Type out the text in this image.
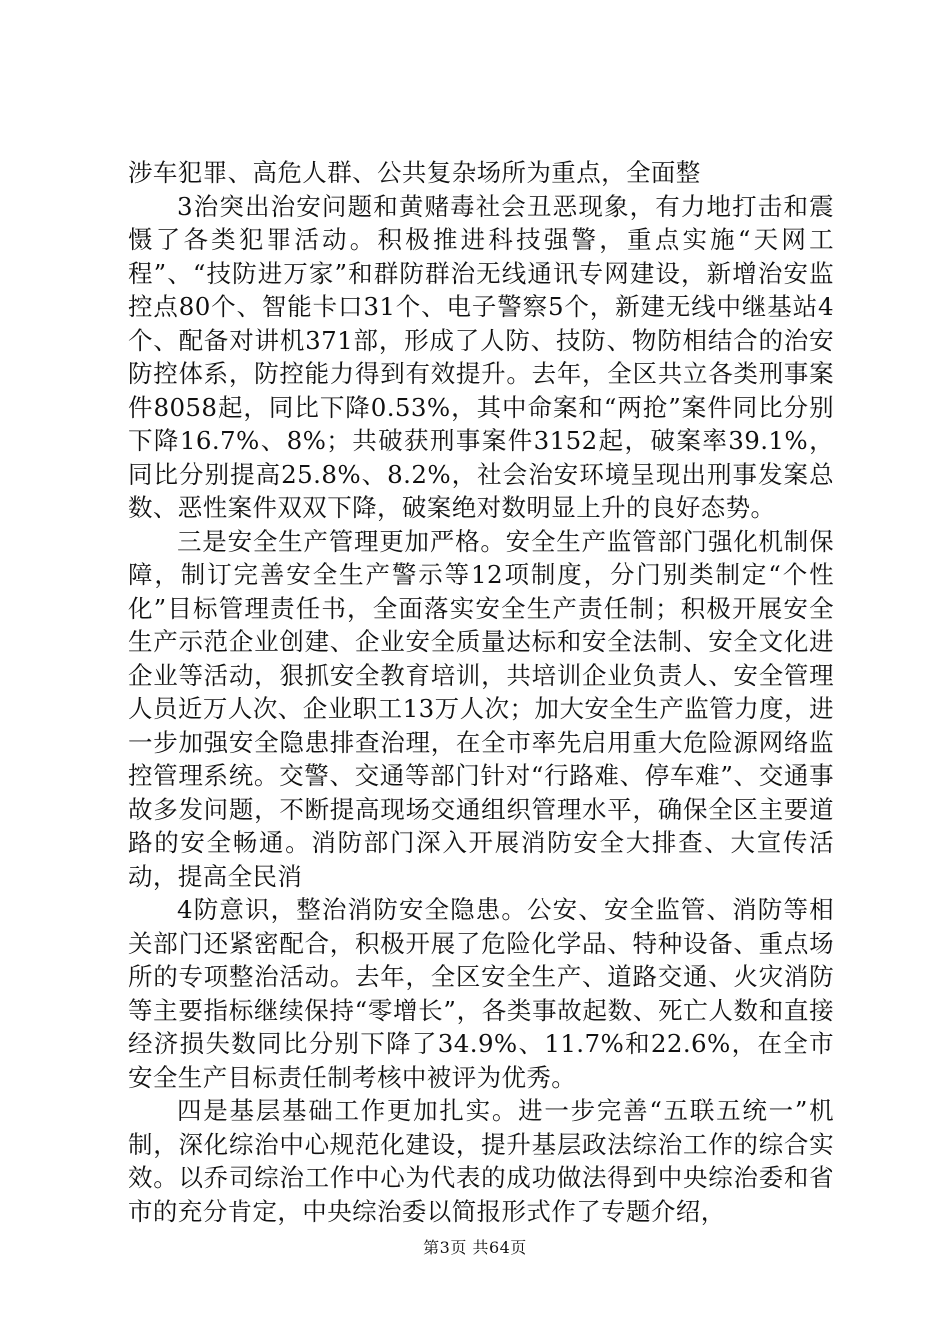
涉车犯罪、高危人群、公共复杂场所为重点，全面整

3治突出治安问题和黄赌毒社会丑恶现象，有力地打击和震慑了各类犯罪活动。积极推进科技强警，重点实施“天网工程”、“技防进万家”和群防群治无线通讯专网建设，新增治安监控点80个、智能卡口31个、电子警察5个，新建无线中继基站4个、配备对讲机371部，形成了人防、技防、物防相结合的治安防控体系，防控能力得到有效提升。去年，全区共立各类刑事案件8058起，同比下降0.53%，其中命案和“两抢”案件同比分别下降16.7%、8%；共破获刑事案件3152起，破案率39.1%，同比分别提高25.8%、8.2%，社会治安环境呈现出刑事发案总数、恶性案件双双下降，破案绝对数明显上升的良好态势。

三是安全生产管理更加严格。安全生产监管部门强化机制保障，制订完善安全生产警示等12项制度，分门别类制定“个性化”目标管理责任书，全面落实安全生产责任制；积极开展安全生产示范企业创建、企业安全质量达标和安全法制、安全文化进企业等活动，狠抓安全教育培训，共培训企业负责人、安全管理人员近万人次、企业职工13万人次；加大安全生产监管力度，进一步加强安全隐患排查治理，在全市率先启用重大危险源网络监控管理系统。交警、交通等部门针对“行路难、停车难”、交通事故多发问题，不断提高现场交通组织管理水平，确保全区主要道路的安全畅通。消防部门深入开展消防安全大排查、大宣传活动，提高全民消

4防意识，整治消防安全隐患。公安、安全监管、消防等相关部门还紧密配合，积极开展了危险化学品、特种设备、重点场所的专项整治活动。去年，全区安全生产、道路交通、火灾消防等主要指标继续保持“零增长”，各类事故起数、死亡人数和直接经济损失数同比分别下降了34.9%、11.7%和22.6%，在全市安全生产目标责任制考核中被评为优秀。

四是基层基础工作更加扎实。进一步完善“五联五统一”机制，深化综治中心规范化建设，提升基层政法综治工作的综合实效。以乔司综治工作中心为代表的成功做法得到中央综治委和省市的充分肯定，中央综治委以简报形式作了专题介绍，

第3页 共64页
